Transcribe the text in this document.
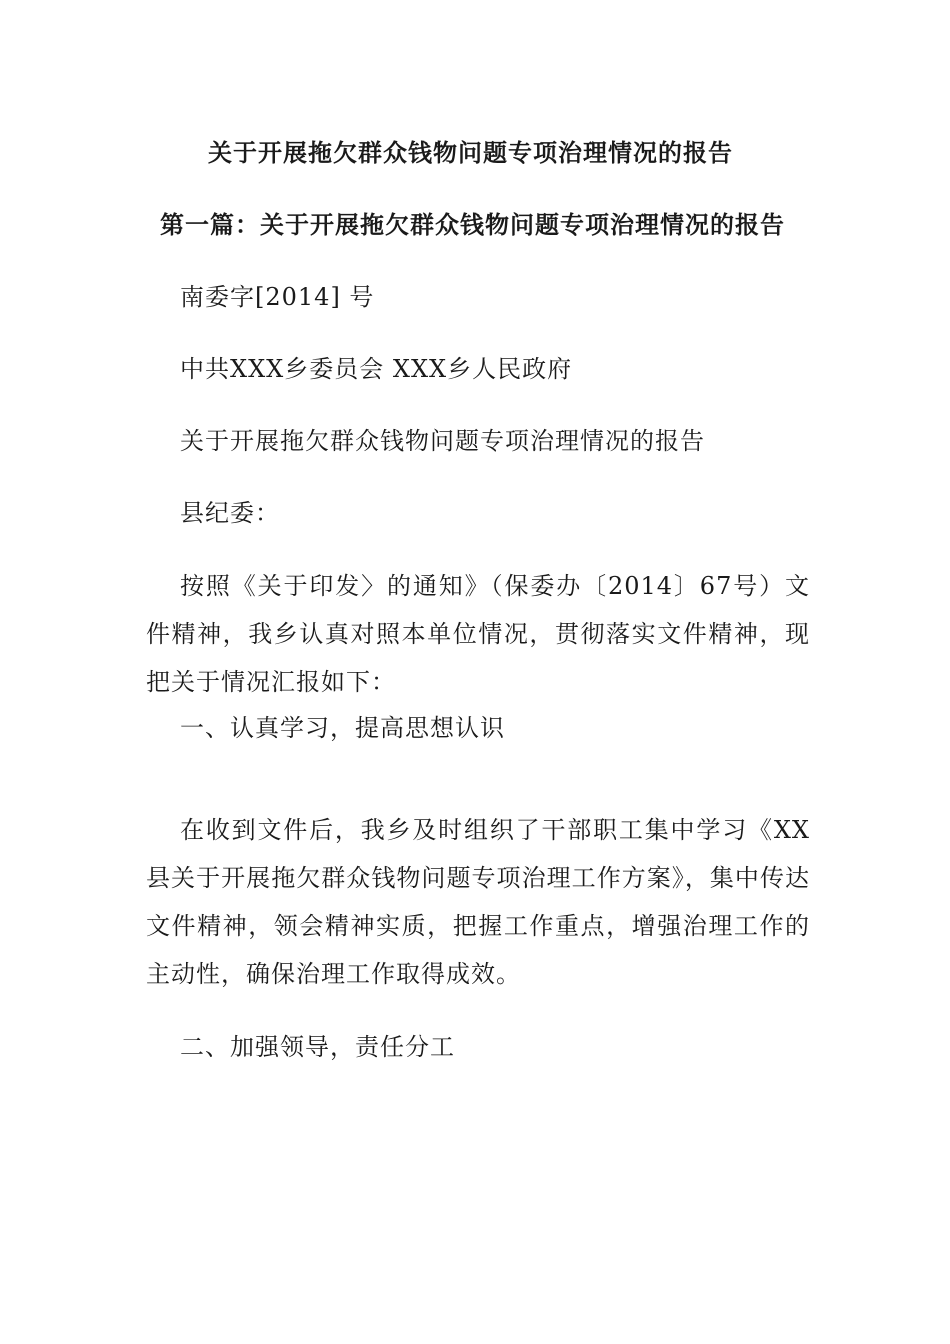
关于开展拖欠群众钱物问题专项治理情况的报告
第一篇：关于开展拖欠群众钱物问题专项治理情况的报告
南委字[2014] 号
中共XXX乡委员会 XXX乡人民政府
关于开展拖欠群众钱物问题专项治理情况的报告
县纪委：
按照《关于印发〉的通知》（保委办〔2014〕67号）文件精神，我乡认真对照本单位情况，贯彻落实文件精神，现把关于情况汇报如下：
一、认真学习，提高思想认识
在收到文件后，我乡及时组织了干部职工集中学习《XX县关于开展拖欠群众钱物问题专项治理工作方案》，集中传达文件精神，领会精神实质，把握工作重点，增强治理工作的主动性，确保治理工作取得成效。
二、加强领导，责任分工
